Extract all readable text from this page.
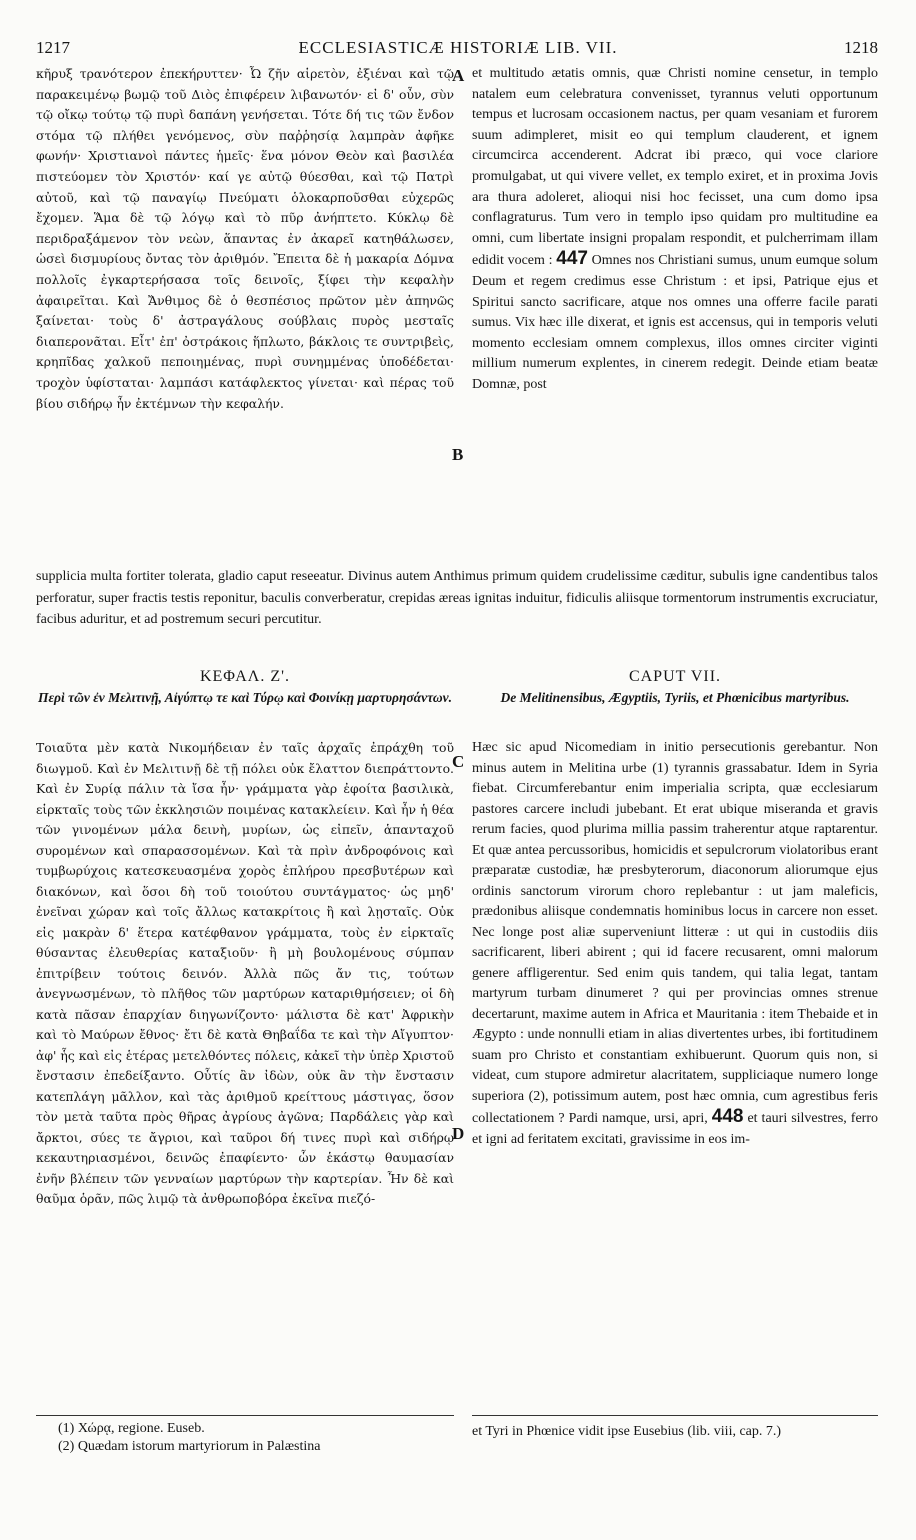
1217	ECCLESIASTICÆ HISTORIÆ LIB. VII.	1218
A
B
C
D

κῆρυξ τρανότερον ἐπεκήρυττεν· Ὦ ζῆν αἱρετὸν, ἐξιέναι καὶ τῷ παρακειμένῳ βωμῷ τοῦ Διὸς ἐπιφέρειν λιβανωτόν· εἰ δ' οὖν, σὺν τῷ οἴκῳ τούτῳ τῷ πυρὶ δαπάνη γενήσεται. Τότε δή τις τῶν ἔνδον στόμα τῷ πλήθει γενόμενος, σὺν παῤῥησίᾳ λαμπρὰν ἀφῆκε φωνήν· Χριστιανοὶ πάντες ἡμεῖς· ἕνα μόνον Θεὸν καὶ βασιλέα πιστεύομεν τὸν Χριστόν· καί γε αὐτῷ θύεσθαι, καὶ τῷ Πατρὶ αὐτοῦ, καὶ τῷ παναγίῳ Πνεύματι ὁλοκαρποῦσθαι εὐχερῶς ἔχομεν. Ἅμα δὲ τῷ λόγῳ καὶ τὸ πῦρ ἀνήπτετο. Κύκλῳ δὲ περιδραξάμενον τὸν νεὼν, ἅπαντας ἐν ἀκαρεῖ κατηθάλωσεν, ὡσεὶ δισμυρίους ὄντας τὸν ἀριθμόν. Ἔπειτα δὲ ἡ μακαρία Δόμνα πολλοῖς ἐγκαρτερήσασα τοῖς δεινοῖς, ξίφει τὴν κεφαλὴν ἀφαιρεῖται. Καὶ Ἄνθιμος δὲ ὁ θεσπέσιος πρῶτον μὲν ἀπηνῶς ξαίνεται· τοὺς δ' ἀστραγάλους σούβλαις πυρὸς μεσταῖς διαπερονᾶται. Εἶτ' ἐπ' ὀστράκοις ἥπλωτο, βάκλοις τε συντριβεὶς, κρηπῖδας χαλκοῦ πεποιημένας, πυρὶ συνημμένας ὑποδέδεται· τροχὸν ὑφίσταται· λαμπάσι κατάφλεκτος γίνεται· καὶ πέρας τοῦ βίου σιδήρῳ ἦν ἐκτέμνων τὴν κεφαλήν.

et multitudo ætatis omnis, quæ Christi nomine censetur, in templo natalem eum celebratura convenisset, tyrannus veluti opportunum tempus et lucrosam occasionem nactus, per quam vesaniam et furorem suum adimpleret, misit eo qui templum clauderent, et ignem circumcirca accenderent. Adcrat ibi præco, qui voce clariore promulgabat, ut qui vivere vellet, ex templo exiret, et in proxima Jovis ara thura adoleret, alioqui nisi hoc fecisset, una cum domo ipsa conflagraturus. Tum vero in templo ipso quidam pro multitudine ea omni, cum libertate insigni propalam respondit, et pulcherrimam illam edidit vocem : 447 Omnes nos Christiani sumus, unum eumque solum Deum et regem credimus esse Christum : et ipsi, Patrique ejus et Spiritui sancto sacrificare, atque nos omnes una offerre facile parati sumus. Vix hæc ille dixerat, et ignis est accensus, qui in temporis veluti momento ecclesiam omnem complexus, illos omnes circiter viginti millium numerum explentes, in cinerem redegit. Deinde etiam beatæ Domnæ, post

supplicia multa fortiter tolerata, gladio caput reseeatur. Divinus autem Anthimus primum quidem crudelissime cæditur, subulis igne candentibus talos perforatur, super fractis testis reponitur, baculis converberatur, crepidas æreas ignitas induitur, fidiculis aliisque tormentorum instrumentis excruciatur, facibus aduritur, et ad postremum securi percutitur.

ΚΕΦΑΛ. Ζ'.
Περὶ τῶν ἐν Μελιτινῇ, Αἰγύπτῳ τε καὶ Τύρῳ καὶ Φοινίκῃ μαρτυρησάντων.
CAPUT VII.
De Melitinensibus, Ægyptiis, Tyriis, et Phœnicibus martyribus.

Τοιαῦτα μὲν κατὰ Νικομήδειαν ἐν ταῖς ἀρχαῖς ἐπράχθη τοῦ διωγμοῦ. Καὶ ἐν Μελιτινῇ δὲ τῇ πόλει οὐκ ἔλαττον διεπράττοντο. Καὶ ἐν Συρίᾳ πάλιν τὰ ἴσα ἦν· γράμματα γὰρ ἐφοίτα βασιλικὰ, εἱρκταῖς τοὺς τῶν ἐκκλησιῶν ποιμένας κατακλείειν. Καὶ ἦν ἡ θέα τῶν γινομένων μάλα δεινὴ, μυρίων, ὡς εἰπεῖν, ἁπανταχοῦ συρομένων καὶ σπαρασσομένων. Καὶ τὰ πρὶν ἀνδροφόνοις καὶ τυμβωρύχοις κατεσκευασμένα χορὸς ἐπλήρου πρεσβυτέρων καὶ διακόνων, καὶ ὅσοι δὴ τοῦ τοιούτου συντάγματος· ὡς μηδ' ἐνεῖναι χώραν καὶ τοῖς ἄλλως κατακρίτοις ἢ καὶ λῃσταῖς. Οὐκ εἰς μακρὰν δ' ἕτερα κατέφθανον γράμματα, τοὺς ἐν εἱρκταῖς θύσαντας ἐλευθερίας καταξιοῦν· ἢ μὴ βουλομένους σύμπαν ἐπιτρίβειν τούτοις δεινόν. Ἀλλὰ πῶς ἄν τις, τούτων ἀνεγνωσμένων, τὸ πλῆθος τῶν μαρτύρων καταριθμήσειεν; οἱ δὴ κατὰ πᾶσαν ἐπαρχίαν διηγωνίζοντο· μάλιστα δὲ κατ' Ἀφρικὴν καὶ τὸ Μαύρων ἔθνος· ἔτι δὲ κατὰ Θηβαΐδα τε καὶ τὴν Αἴγυπτον· ἀφ' ἧς καὶ εἰς ἑτέρας μετελθόντες πόλεις, κἀκεῖ τὴν ὑπὲρ Χριστοῦ ἔνστασιν ἐπεδείξαντο. Οὗτίς ἂν ἰδὼν, οὐκ ἂν τὴν ἔνστασιν κατεπλάγη μᾶλλον, καὶ τὰς ἀριθμοῦ κρείττους μάστιγας, ὅσον τὸν μετὰ ταῦτα πρὸς θῆρας ἀγρίους ἀγῶνα; Παρδάλεις γὰρ καὶ ἄρκτοι, σύες τε ἄγριοι, καὶ ταῦροι δή τινες πυρὶ καὶ σιδήρῳ κεκαυτηριασμένοι, δεινῶς ἐπαφίεντο· ὧν ἑκάστῳ θαυμασίαν ἐνῆν βλέπειν τῶν γενναίων μαρτύρων τὴν καρτερίαν. Ἦν δὲ καὶ θαῦμα ὁρᾶν, πῶς λιμῷ τὰ ἀνθρωποβόρα ἐκεῖνα πιεζό-

Hæc sic apud Nicomediam in initio persecutionis gerebantur. Non minus autem in Melitina urbe (1) tyrannis grassabatur. Idem in Syria fiebat. Circumferebantur enim imperialia scripta, quæ ecclesiarum pastores carcere includi jubebant. Et erat ubique miseranda et gravis rerum facies, quod plurima millia passim traherentur atque raptarentur. Et quæ antea percussoribus, homicidis et sepulcrorum violatoribus erant præparatæ custodiæ, hæ presbyterorum, diaconorum aliorumque ejus ordinis sanctorum virorum choro replebantur : ut jam maleficis, prædonibus aliisque condemnatis hominibus locus in carcere non esset. Nec longe post aliæ superveniunt litteræ : ut qui in custodiis diis sacrificarent, liberi abirent ; qui id facere recusarent, omni malorum genere affligerentur. Sed enim quis tandem, qui talia legat, tantam martyrum turbam dinumeret ? qui per provincias omnes strenue decertarunt, maxime autem in Africa et Mauritania : item Thebaide et in Ægypto : unde nonnulli etiam in alias divertentes urbes, ibi fortitudinem suam pro Christo et constantiam exhibuerunt. Quorum quis non, si videat, cum stupore admiretur alacritatem, suppliciaque numero longe superiora (2), potissimum autem, post hæc omnia, cum agrestibus feris collectationem ? Pardi namque, ursi, apri, 448 et tauri silvestres, ferro et igni ad feritatem excitati, gravissime in eos im-

(1) Χώρᾳ, regione. Euseb.
(2) Quædam istorum martyriorum in Palæstina
et Tyri in Phœnice vidit ipse Eusebius (lib. viii, cap. 7.)
